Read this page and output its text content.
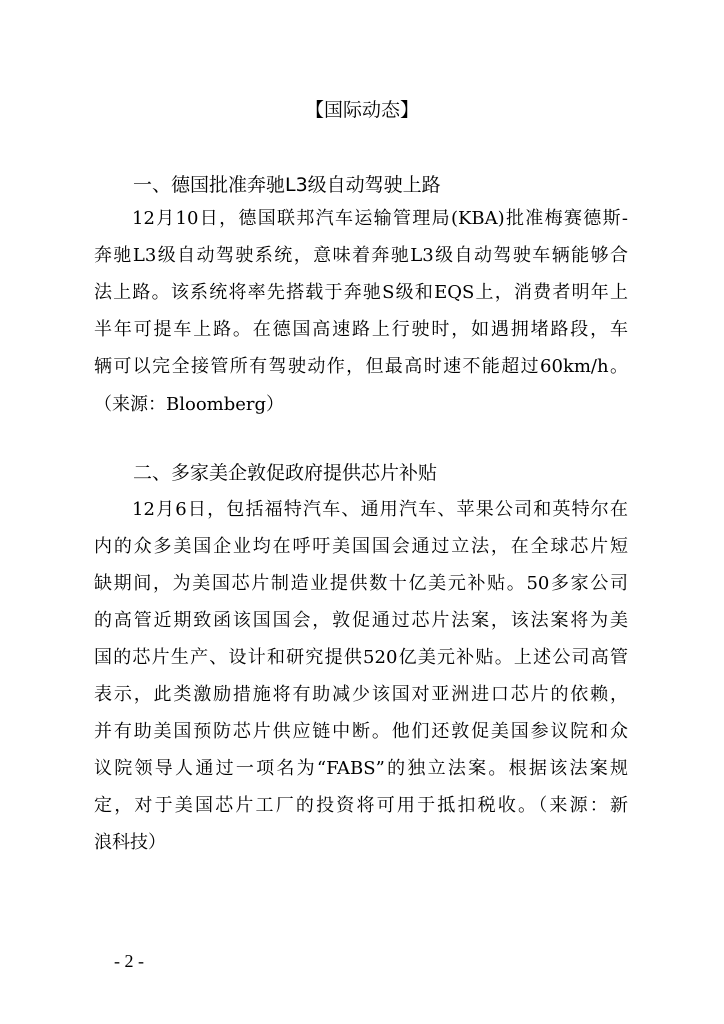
【国际动态】
一、德国批准奔驰L3级自动驾驶上路
12月10日，德国联邦汽车运输管理局(KBA)批准梅赛德斯-
奔驰L3级自动驾驶系统，意味着奔驰L3级自动驾驶车辆能够合
法上路。该系统将率先搭载于奔驰S级和EQS上，消费者明年上
半年可提车上路。在德国高速路上行驶时，如遇拥堵路段，车
辆可以完全接管所有驾驶动作，但最高时速不能超过60km/h。
（来源：Bloomberg）
二、多家美企敦促政府提供芯片补贴
12月6日，包括福特汽车、通用汽车、苹果公司和英特尔在
内的众多美国企业均在呼吁美国国会通过立法，在全球芯片短
缺期间，为美国芯片制造业提供数十亿美元补贴。50多家公司
的高管近期致函该国国会，敦促通过芯片法案，该法案将为美
国的芯片生产、设计和研究提供520亿美元补贴。上述公司高管
表示，此类激励措施将有助减少该国对亚洲进口芯片的依赖，
并有助美国预防芯片供应链中断。他们还敦促美国参议院和众
议院领导人通过一项名为“FABS”的独立法案。根据该法案规
定，对于美国芯片工厂的投资将可用于抵扣税收。（来源：新
浪科技）
- 2 -
